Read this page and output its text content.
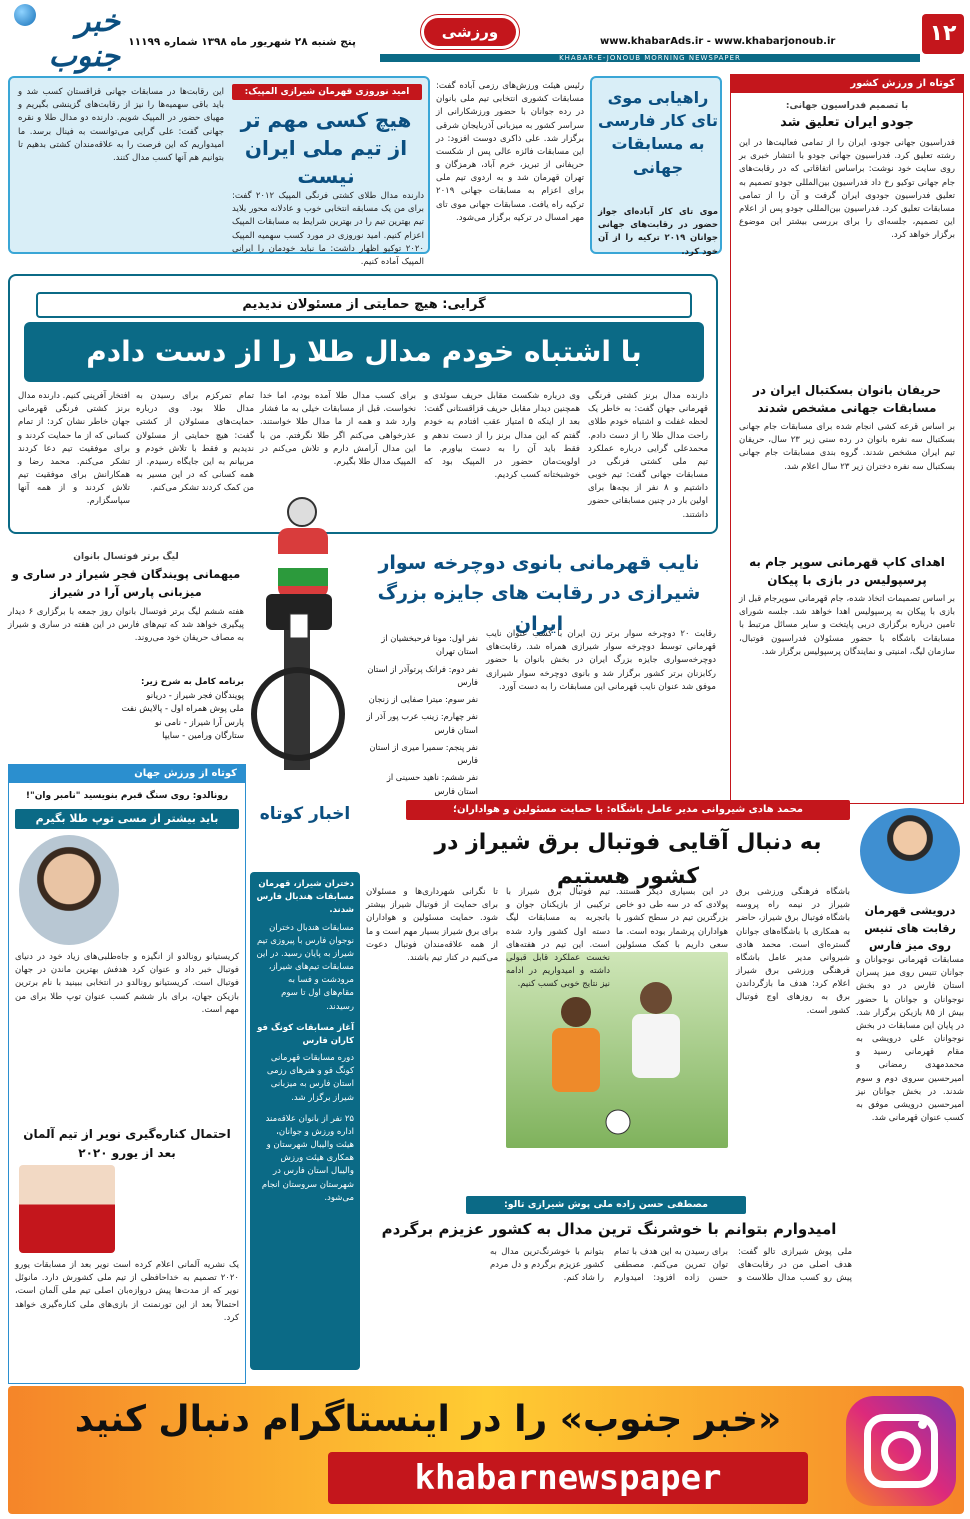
خبر جنوب پنج شنبه ۲۸ شهریور ماه ۱۳۹۸ شماره ۱۱۱۹۹
ورزشی
KHABAR-E-JONOUB MORNING NEWSPAPER
www.khabarAds.ir - www.khabarjonoub.ir	۱۲
امید نوروزی قهرمان شیرازی المپیک:
هیچ کسی مهم تر از تیم ملی ایران نیست
دارنده مدال طلای کشتی فرنگی المپیک ۲۰۱۲ گفت: برای من یک مسابقه انتخابی خوب و عادلانه محور بلاید تیم بهترین تیم را در بهترین شرایط به مسابقات المپیک اعزام کنیم. امید نوروزی در مورد کسب سهمیه المپیک ۲۰۲۰ توکیو اظهار داشت: ما نباید خودمان را ایرانی المپیک آماده کنیم.
این رقابت‌ها در مسابقات جهانی قزاقستان کسب شد و باید باقی سهمیه‌ها را نیز از رقابت‌های گزینشی بگیریم و مهیای حضور در المپیک شویم. دارنده دو مدال طلا و نقره جهانی گفت: علی گرایی می‌توانست به فینال برسد. ما امیدواریم که این فرصت را به علاقه‌مندان کشتی بدهیم تا بتوانیم هم آنها کسب مدال کنند.
رئیس هیئت ورزش‌های رزمی آباده گفت: مسابقات کشوری انتخابی تیم ملی بانوان در رده جوانان با حضور ورزشکارانی از سراسر کشور به میزبانی آذربایجان شرقی برگزار شد. علی ذاکری دوست افزود: در این مسابقات فائزه عالی پس از شکست حریفانی از تبریز، خرم آباد، هرمزگان و تهران قهرمان شد و به اردوی تیم ملی برای اعزام به مسابقات جهانی ۲۰۱۹ ترکیه راه یافت. مسابقات جهانی موی تای مهر امسال در ترکیه برگزار می‌شود.
راهیابی موی تای کار فارسی به مسابقات جهانی
موی تای کار آباده‌ای جواز حضور در رقابت‌های جهانی جوانان ۲۰۱۹ ترکیه را از آن خود کرد.
کوتاه از ورزش کشور
با تصمیم فدراسیون جهانی:
جودو ایران تعلیق شد
فدراسیون جهانی جودو، ایران را از تمامی فعالیت‌ها در این رشته تعلیق کرد. فدراسیون جهانی جودو با انتشار خبری بر روی سایت خود نوشت: براساس اتفاقاتی که در رقابت‌های جام جهانی توکیو رخ داد فدراسیون بین‌المللی جودو تصمیم به تعلیق فدراسیون جودوی ایران گرفت و آن را از تمامی مسابقات تعلیق کرد. فدراسیون بین‌المللی جودو پس از اعلام این تصمیم، جلسه‌ای را برای بررسی بیشتر این موضوع برگزار خواهد کرد.
حریفان بانوان بسکتبال ایران در مسابقات جهانی مشخص شدند
بر اساس قرعه کشی انجام شده برای مسابقات جام جهانی بسکتبال سه نفره بانوان در رده سنی زیر ۲۳ سال، حریفان تیم ایران مشخص شدند. گروه بندی مسابقات جام جهانی بسکتبال سه نفره دختران زیر ۲۳ سال اعلام شد.
اهدای کاپ قهرمانی سوپر جام به پرسپولیس در بازی با پیکان
بر اساس تصمیمات اتخاذ شده، جام قهرمانی سوپرجام قبل از بازی با پیکان به پرسپولیس اهدا خواهد شد. جلسه شورای تامین درباره برگزاری دربی پایتخت و سایر مسائل مرتبط با مسابقات باشگاه با حضور مسئولان فدراسیون فوتبال، سازمان لیگ، امنیتی و نمایندگان پرسپولیس برگزار شد.
گرایی: هیچ حمایتی از مسئولان ندیدیم
با اشتباه خودم مدال طلا را از دست دادم
دارنده مدال برنز کشتی فرنگی قهرمانی جهان گفت: به خاطر یک لحظه غفلت و اشتباه خودم طلای راحت مدال طلا را از دست دادم. محمدعلی گرایی درباره عملکرد تیم ملی کشتی فرنگی در مسابقات جهانی گفت: تیم خوبی داشتیم و ۸ نفر از بچه‌ها برای اولین بار در چنین مسابقاتی حضور داشتند.
وی درباره شکست مقابل حریف سوئدی و همچنین دیدار مقابل حریف قزاقستانی گفت: بعد از اینکه ۵ امتیاز عقب افتادم به خودم گفتم که این مدال برنز را از دست ندهم و فقط باید آن را به دست بیاورم. ما اولویت‌مان حضور در المپیک بود که خوشبختانه کسب کردیم.
برای کسب مدال طلا آمده بودم، اما خدا نخواست. قبل از مسابقات خیلی به ما فشار وارد شد و همه از ما مدال طلا خواستند. عذرخواهی می‌کنم اگر طلا نگرفتم. من با این مدال آرامش دارم و تلاش می‌کنم در المپیک مدال طلا بگیرم.
تمام تمرکزم برای رسیدن به مدال طلا بود. وی درباره حمایت‌های مسئولان از کشتی گفت: هیچ حمایتی از مسئولان ندیدیم و فقط با تلاش خودم و مربیانم به این جایگاه رسیدم. از همه کسانی که در این مسیر به من کمک کردند تشکر می‌کنم.
افتخار آفرینی کنیم. دارنده مدال برنز کشتی فرنگی قهرمانی جهان خاطر نشان کرد: از تمام کسانی که از ما حمایت کردند و برای موفقیت تیم دعا کردند تشکر می‌کنم. محمد رضا و همکارانش برای موفقیت تیم تلاش کردند و از همه آنها سپاسگزارم.
نایب قهرمانی بانوی دوچرخه سوار شیرازی در رقابت های جایزه بزرگ ایران
رقابت ۲۰ دوچرخه سوار برتر زن ایران با کسب عنوان نایب قهرمانی توسط دوچرخه سوار شیرازی همراه شد. رقابت‌های دوچرخه‌سواری جایزه بزرگ ایران در بخش بانوان با حضور رکابزنان برتر کشور برگزار شد و بانوی دوچرخه سوار شیرازی موفق شد عنوان نایب قهرمانی این مسابقات را به دست آورد.
نفر اول: مونا فرحبخشیان از استان تهران
نفر دوم: فرانک پرتوآذر از استان فارس
نفر سوم: میترا صفایی از زنجان
نفر چهارم: زینب عرب پور آذر از استان فارس
نفر پنجم: سمیرا میری از استان فارس
نفر ششم: ناهید حسینی از استان فارس
لیگ برتر فوتسال بانوان
میهمانی پویندگان فجر شیراز در ساری و میزبانی پارس آرا در شیراز
هفته ششم لیگ برتر فوتسال بانوان روز جمعه با برگزاری ۶ دیدار پیگیری خواهد شد که تیم‌های فارس در این هفته در ساری و شیراز به مصاف حریفان خود می‌روند.
برنامه کامل به شرح زیر:
پویندگان فجر شیراز - دریانو
ملی پوش همراه اول - پالایش نفت
پارس آرا شیراز - نامی نو
ستارگان ورامین - سایپا
کوتاه از ورزش جهان
رونالدو: روی سنگ قبرم بنویسید "نامبر وان"!
باید بیشتر از مسی توپ طلا بگیرم
کریستیانو رونالدو از انگیزه و جاه‌طلبی‌های زیاد خود در دنیای فوتبال خبر داد و عنوان کرد هدفش بهترین ماندن در جهان فوتبال است. کریستیانو رونالدو در انتخابی ببینید با نام برترین بازیکن جهان، برای بار ششم کسب عنوان توپ طلا برای من مهم است.
احتمال کناره‌گیری نویر از تیم آلمان بعد از یورو ۲۰۲۰
یک نشریه آلمانی اعلام کرده است نویر بعد از مسابقات یورو ۲۰۲۰ تصمیم به خداحافظی از تیم ملی کشورش دارد. مانوئل نویر که از مدت‌ها پیش دروازه‌بان اصلی تیم ملی آلمان است، احتمالاً بعد از این تورنمنت از بازی‌های ملی کناره‌گیری خواهد کرد.
اخبار کوتاه
دختران شیراز، قهرمان مسابقات هندبال فارس شدند.
مسابقات هندبال دختران نوجوان فارس با پیروزی تیم شیراز به پایان رسید. در این مسابقات تیم‌های شیراز، مرودشت و فسا به مقام‌های اول تا سوم رسیدند.
آغاز مسابقات کونگ فو کاران فارس
دوره مسابقات قهرمانی کونگ فو و هنرهای رزمی استان فارس به میزبانی شیراز برگزار شد.
۲۵ نفر از بانوان علاقه‌مند اداره ورزش و جوانان، هیئت والیبال شهرستان و همکاری هیئت ورزش والیبال استان فارس در شهرستان سروستان انجام می‌شود.
محمد هادی شیروانی مدیر عامل باشگاه: با حمایت مسئولین و هواداران؛
به دنبال آقایی فوتبال برق شیراز در کشور هستیم
باشگاه فرهنگی ورزشی برق شیراز در نیمه راه پروسه باشگاه فوتبال برق شیراز، حاضر به همکاری با باشگاه‌های جوانان گستره‌ای است. محمد هادی شیروانی مدیر عامل باشگاه فرهنگی ورزشی برق شیراز اعلام کرد: هدف ما بازگرداندن برق به روزهای اوج فوتبال کشور است.
در این بسیاری دیگر هستند. پولادی که در سه طی دو خاص بزرگترین تیم در سطح کشور با هواداران پرشمار بوده است. ما سعی داریم با کمک مسئولین
تیم فوتبال برق شیراز با ترکیبی از بازیکنان جوان و باتجربه به مسابقات لیگ دسته اول کشور وارد شده است. این تیم در هفته‌های نخست عملکرد قابل قبولی داشته و امیدواریم در ادامه نیز نتایج خوبی کسب کنیم.
تا نگرانی شهرداری‌ها و مسئولان برای حمایت از فوتبال شیراز بیشتر شود. حمایت مسئولین و هواداران برای برق شیراز بسیار مهم است و ما از همه علاقه‌مندان فوتبال دعوت می‌کنیم در کنار تیم باشند.
درویشی قهرمان رقابت های تنیس روی میز فارس
مسابقات قهرمانی نوجوانان و جوانان تنیس روی میز پسران استان فارس در دو بخش نوجوانان و جوانان با حضور بیش از ۸۵ بازیکن برگزار شد. در پایان این مسابقات در بخش نوجوانان علی درویشی به مقام قهرمانی رسید و محمدمهدی رمضانی و امیرحسین سروی دوم و سوم شدند. در بخش جوانان نیز امیرحسین درویشی موفق به کسب عنوان قهرمانی شد.
مصطفی حسن زاده ملی پوش شیرازی تالو:
امیدوارم بتوانم با خوشرنگ ترین مدال به کشور عزیزم برگردم
ملی پوش شیرازی تالو گفت: هدف اصلی من در رقابت‌های پیش رو کسب مدال طلاست و برای رسیدن به این هدف با تمام توان تمرین می‌کنم. مصطفی حسن زاده افزود: امیدوارم بتوانم با خوشرنگ‌ترین مدال به کشور عزیزم برگردم و دل مردم را شاد کنم.
«خبر جنوب» را در اینستاگرام دنبال کنید
khabarnewspaper
